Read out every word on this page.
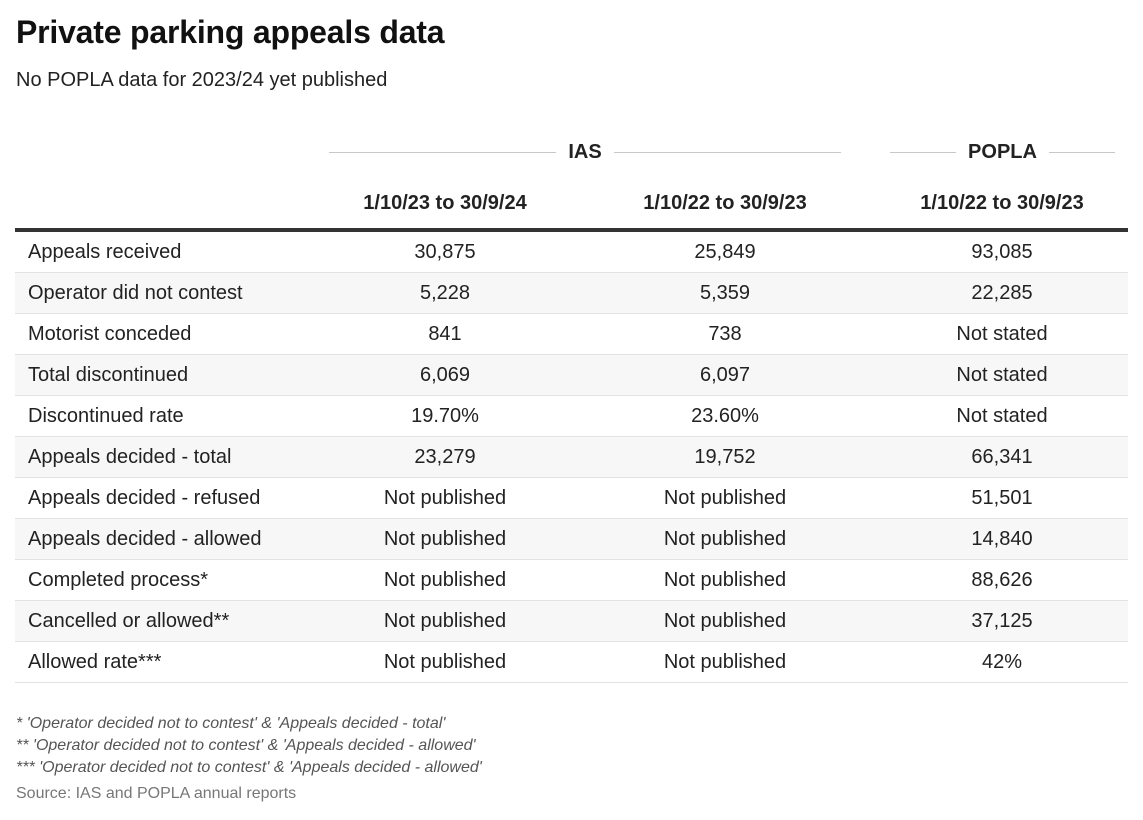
Private parking appeals data
No POPLA data for 2023/24 yet published
IAS	POPLA
1/10/23 to 30/9/24	1/10/22 to 30/9/23	1/10/22 to 30/9/23
Appeals received	30,875	25,849	93,085
Operator did not contest	5,228	5,359	22,285
Motorist conceded	841	738	Not stated
Total discontinued	6,069	6,097	Not stated
Discontinued rate	19.70%	23.60%	Not stated
Appeals decided - total	23,279	19,752	66,341
Appeals decided - refused	Not published	Not published	51,501
Appeals decided - allowed	Not published	Not published	14,840
Completed process*	Not published	Not published	88,626
Cancelled or allowed**	Not published	Not published	37,125
Allowed rate***	Not published	Not published	42%
* 'Operator decided not to contest' & 'Appeals decided - total'
** 'Operator decided not to contest' & 'Appeals decided - allowed'
*** 'Operator decided not to contest' & 'Appeals decided - allowed'
Source: IAS and POPLA annual reports
